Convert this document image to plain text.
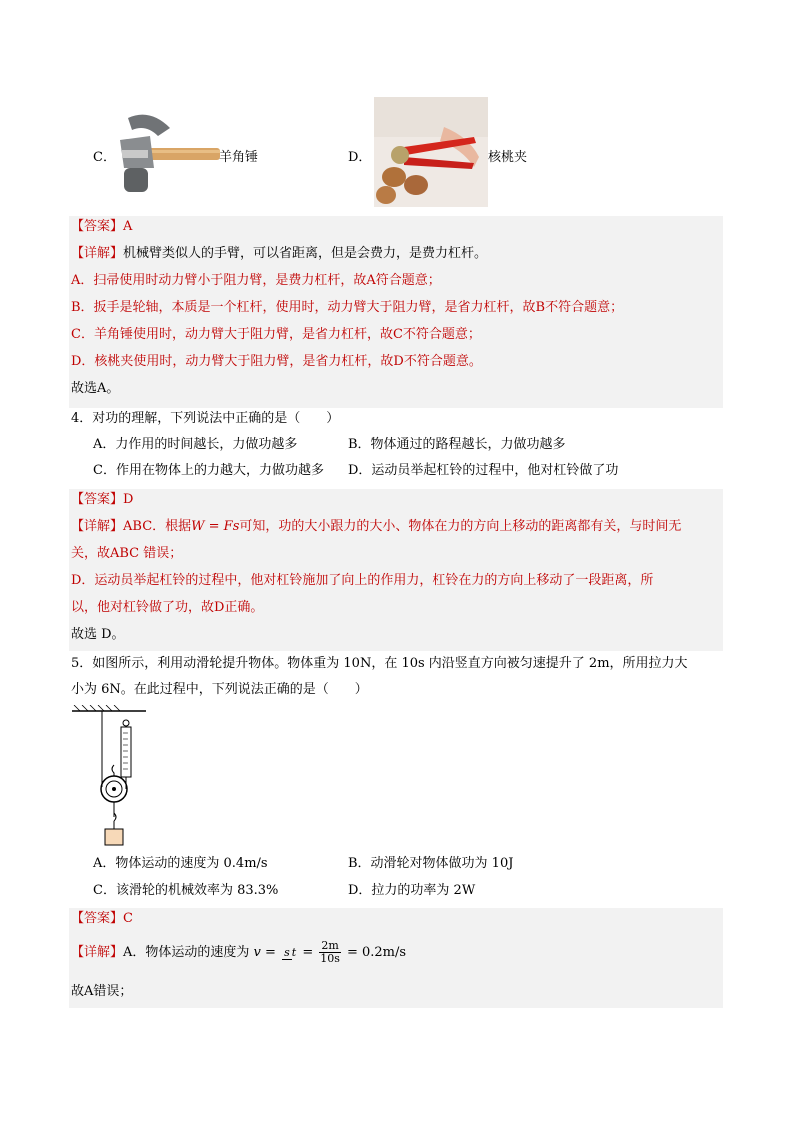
C．	羊角锤	D．	核桃夹
【答案】A
【详解】机械臂类似人的手臂，可以省距离，但是会费力，是费力杠杆。
A．扫帚使用时动力臂小于阻力臂，是费力杠杆，故A符合题意；
B．扳手是轮轴，本质是一个杠杆，使用时，动力臂大于阻力臂，是省力杠杆，故B不符合题意；
C．羊角锤使用时，动力臂大于阻力臂，是省力杠杆，故C不符合题意；
D．核桃夹使用时，动力臂大于阻力臂，是省力杠杆，故D不符合题意。
故选A。
4．对功的理解，下列说法中正确的是（　　）
A．力作用的时间越长，力做功越多	B．物体通过的路程越长，力做功越多
C．作用在物体上的力越大，力做功越多 D．运动员举起杠铃的过程中，他对杠铃做了功
【答案】D
【详解】ABC．根据W = Fs可知，功的大小跟力的大小、物体在力的方向上移动的距离都有关，与时间无
关，故ABC 错误；
D．运动员举起杠铃的过程中，他对杠铃施加了向上的作用力，杠铃在力的方向上移动了一段距离，所
以，他对杠铃做了功，故D正确。
故选 D。
5．如图所示，利用动滑轮提升物体。物体重为 10N，在 10s 内沿竖直方向被匀速提升了 2m，所用拉力大
小为 6N。在此过程中，下列说法正确的是（　　）
A．物体运动的速度为 0.4m/s	B．动滑轮对物体做功为 10J
C．该滑轮的机械效率为 83.3%	D．拉力的功率为 2W
【答案】C
【详解】A．物体运动的速度为 v = s $t = \frac{2m}{10s} = 0.2m/s$
故A错误；
